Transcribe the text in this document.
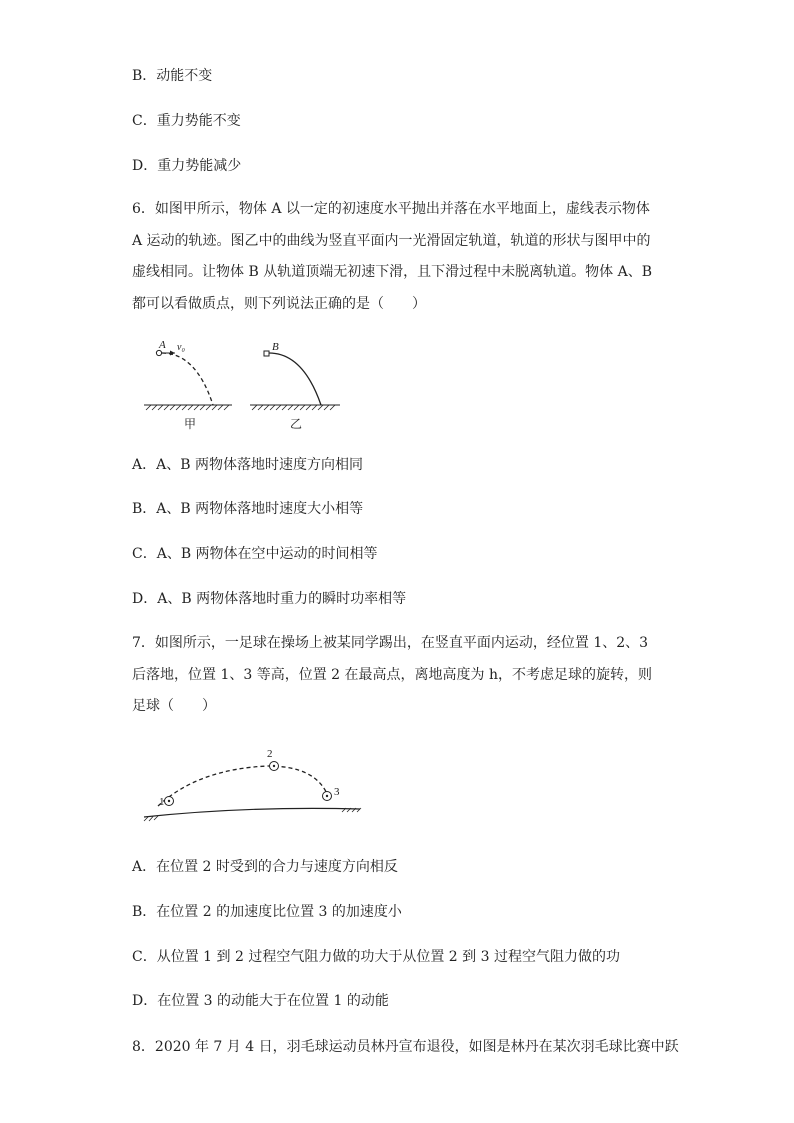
B．动能不变
C．重力势能不变
D．重力势能减少
6．如图甲所示，物体 A 以一定的初速度水平抛出并落在水平地面上，虚线表示物体 A 运动的轨迹。图乙中的曲线为竖直平面内一光滑固定轨道，轨道的形状与图甲中的虚线相同。让物体 B 从轨道顶端无初速下滑，且下滑过程中未脱离轨道。物体 A、B 都可以看做质点，则下列说法正确的是（　　）
A v₀
甲
B
乙
A．A、B 两物体落地时速度方向相同
B．A、B 两物体落地时速度大小相等
C．A、B 两物体在空中运动的时间相等
D．A、B 两物体落地时重力的瞬时功率相等
7．如图所示，一足球在操场上被某同学踢出，在竖直平面内运动，经位置 1、2、3 后落地，位置 1、3 等高，位置 2 在最高点，离地高度为 h，不考虑足球的旋转，则足球（　　）
1
2
3
A．在位置 2 时受到的合力与速度方向相反
B．在位置 2 的加速度比位置 3 的加速度小
C．从位置 1 到 2 过程空气阻力做的功大于从位置 2 到 3 过程空气阻力做的功
D．在位置 3 的动能大于在位置 1 的动能
8．2020 年 7 月 4 日，羽毛球运动员林丹宣布退役，如图是林丹在某次羽毛球比赛中跃
